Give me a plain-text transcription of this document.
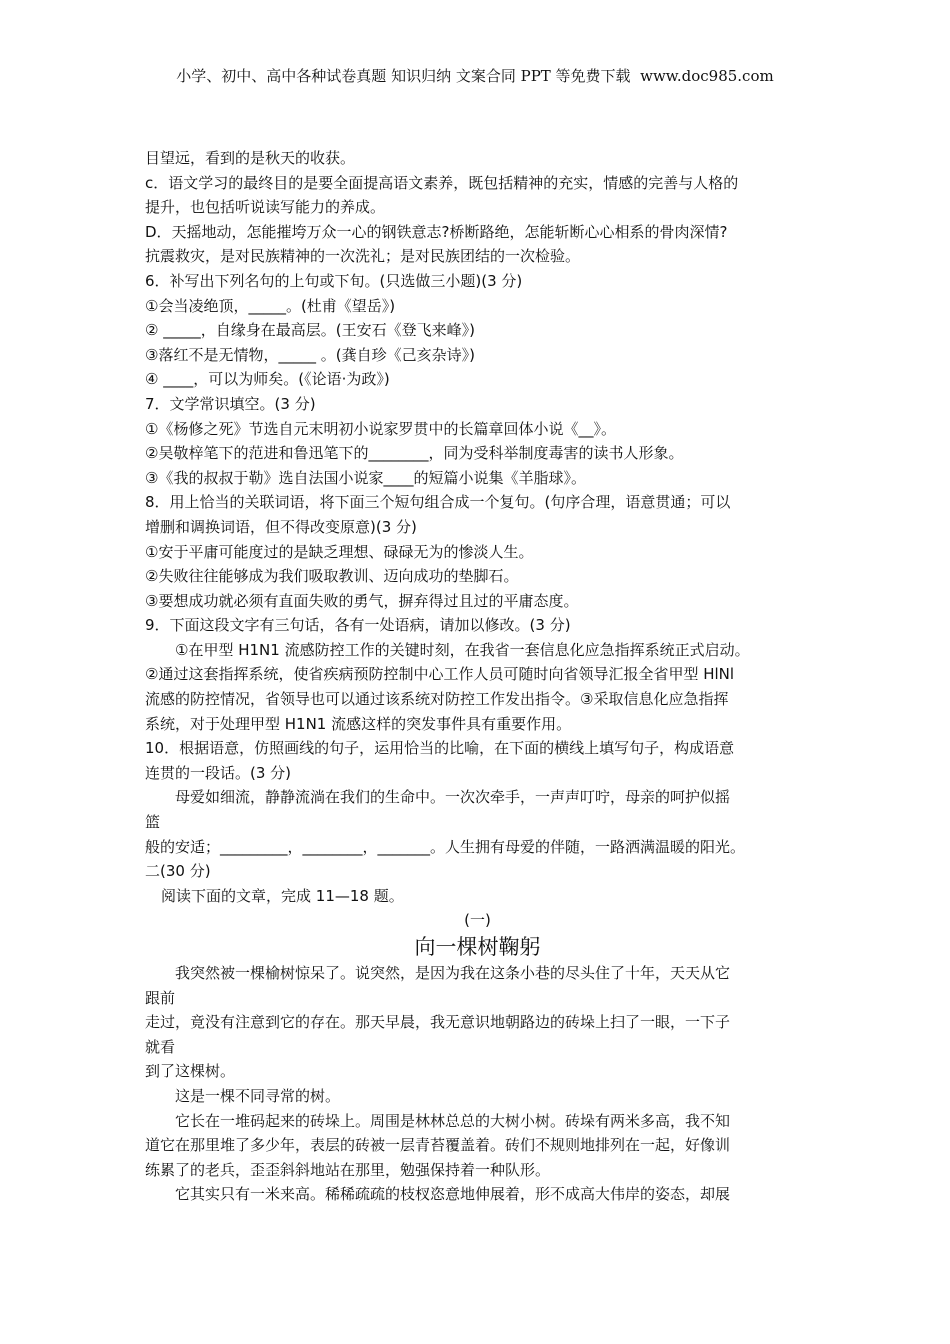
小学、初中、高中各种试卷真题 知识归纳 文案合同 PPT 等免费下载 www.doc985.com

目望远，看到的是秋天的收获。

c．语文学习的最终目的是要全面提高语文素养，既包括精神的充实，情感的完善与人格的

提升，也包括听说读写能力的养成。

D．天摇地动，怎能摧垮万众一心的钢铁意志?桥断路绝，怎能斩断心心相系的骨肉深情?

抗震救灾，是对民族精神的一次洗礼；是对民族团结的一次检验。

6．补写出下列名句的上句或下旬。(只选做三小题)(3 分)

①会当凌绝顶，_____。(杜甫《望岳》)

② _____，自缘身在最高层。(王安石《登飞来峰》)

③落红不是无情物，_____ 。(龚自珍《己亥杂诗》)

④ ____，可以为师矣。(《论语·为政》)

7．文学常识填空。(3 分)

①《杨修之死》节选自元末明初小说家罗贯中的长篇章回体小说《__》。

②吴敬梓笔下的范进和鲁迅笔下的________，同为受科举制度毒害的读书人形象。

③《我的叔叔于勒》选自法国小说家____的短篇小说集《羊脂球》。

8．用上恰当的关联词语，将下面三个短句组合成一个复句。(句序合理，语意贯通；可以

增删和调换词语，但不得改变原意)(3 分)

①安于平庸可能度过的是缺乏理想、碌碌无为的惨淡人生。

②失败往往能够成为我们吸取教训、迈向成功的垫脚石。

③要想成功就必须有直面失败的勇气，摒弃得过且过的平庸态度。

9．下面这段文字有三句话，各有一处语病，请加以修改。(3 分)

①在甲型 H1N1 流感防控工作的关键时刻，在我省一套信息化应急指挥系统正式启动。

②通过这套指挥系统，使省疾病预防控制中心工作人员可随时向省领导汇报全省甲型 HlNl

流感的防控情况，省领导也可以通过该系统对防控工作发出指令。③采取信息化应急指挥

系统，对于处理甲型 H1N1 流感这样的突发事件具有重要作用。

10．根据语意，仿照画线的句子，运用恰当的比喻，在下面的横线上填写句子，构成语意

连贯的一段话。(3 分)

母爱如细流，静静流淌在我们的生命中。一次次牵手，一声声叮咛，母亲的呵护似摇

篮

般的安适；_________，________，_______。人生拥有母爱的伴随，一路洒满温暖的阳光。

二(30 分)

阅读下面的文章，完成 11—18 题。

(一)

向一棵树鞠躬

我突然被一棵榆树惊呆了。说突然，是因为我在这条小巷的尽头住了十年，天天从它

跟前

走过，竟没有注意到它的存在。那天早晨，我无意识地朝路边的砖垛上扫了一眼，一下子

就看

到了这棵树。

这是一棵不同寻常的树。

它长在一堆码起来的砖垛上。周围是林林总总的大树小树。砖垛有两米多高，我不知

道它在那里堆了多少年，表层的砖被一层青苔覆盖着。砖们不规则地排列在一起，好像训

练累了的老兵，歪歪斜斜地站在那里，勉强保持着一种队形。

它其实只有一米来高。稀稀疏疏的枝杈恣意地伸展着，形不成高大伟岸的姿态，却展
